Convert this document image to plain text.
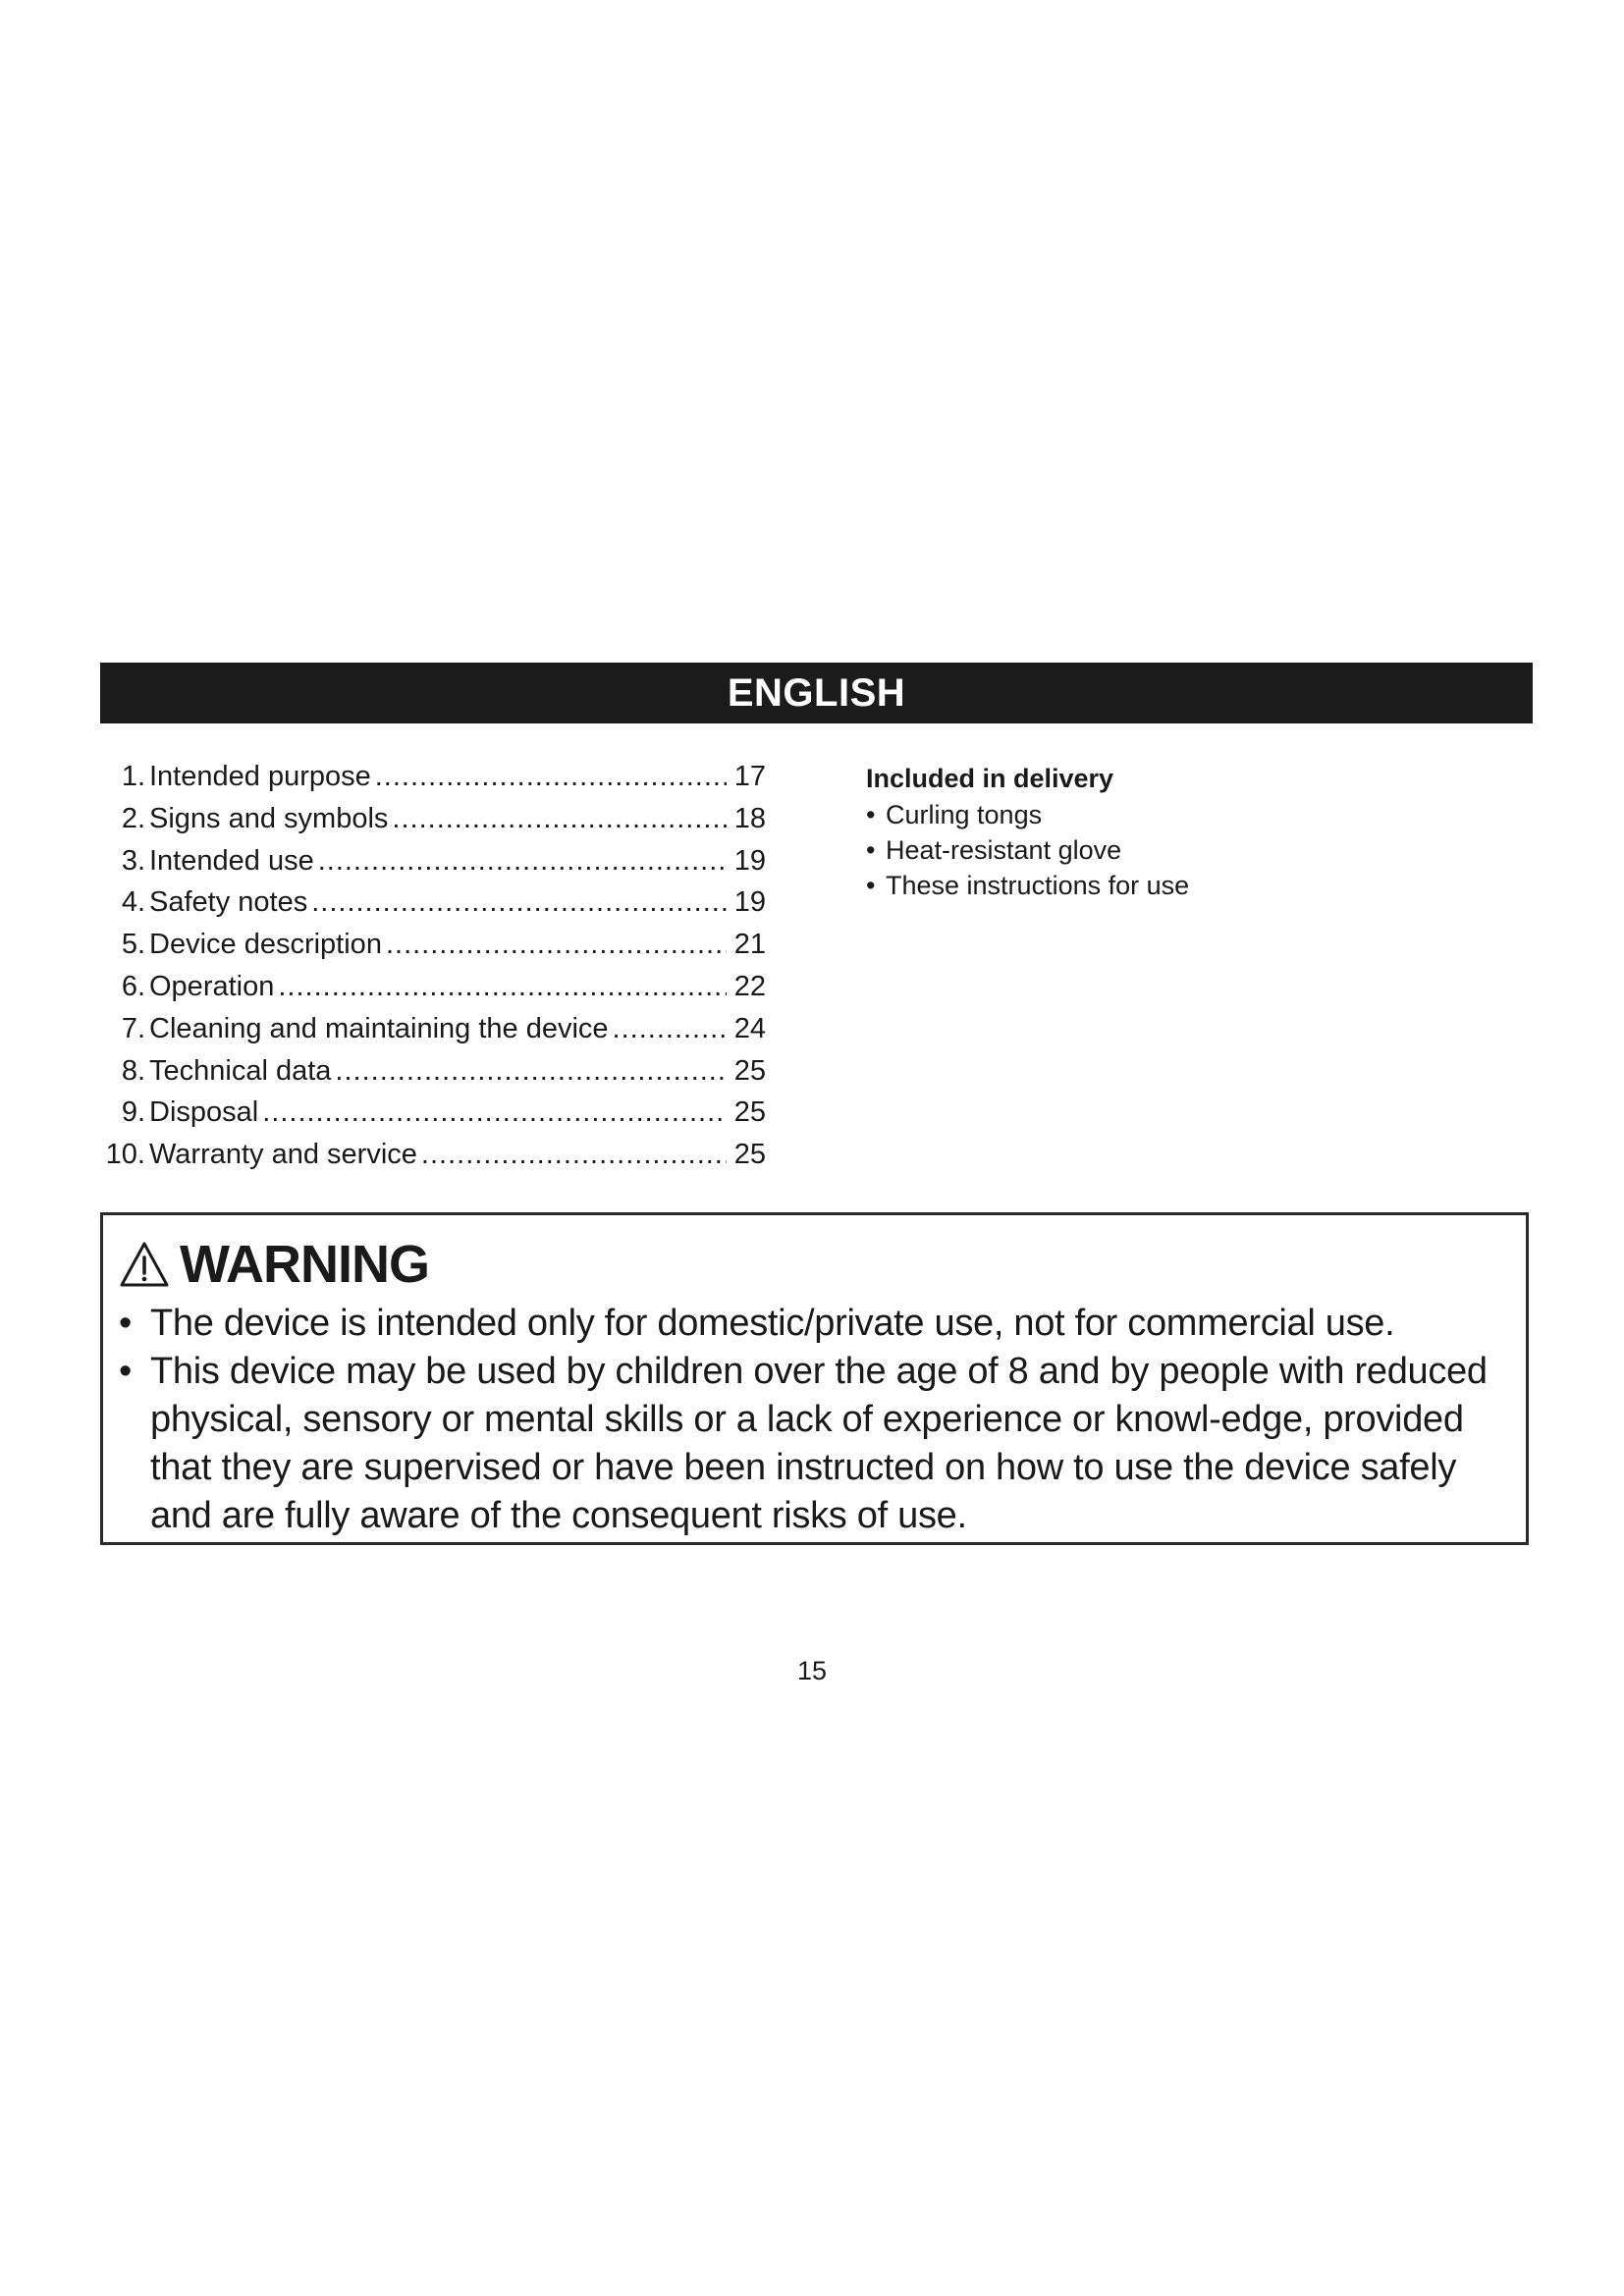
ENGLISH
1. Intended purpose .....	17
2. Signs and symbols .....	18
3. Intended use .....	19
4. Safety notes .....	19
5. Device description .....	21
6. Operation .....	22
7. Cleaning and maintaining the device .....	24
8. Technical data .....	25
9. Disposal .....	25
10. Warranty and service .....	25
Included in delivery
• Curling tongs
• Heat-resistant glove
• These instructions for use
WARNING
• The device is intended only for domestic/private use, not for commercial use.
• This device may be used by children over the age of 8 and by people with reduced physical, sensory or mental skills or a lack of experience or knowl-edge, provided that they are supervised or have been instructed on how to use the device safely and are fully aware of the consequent risks of use.
15
